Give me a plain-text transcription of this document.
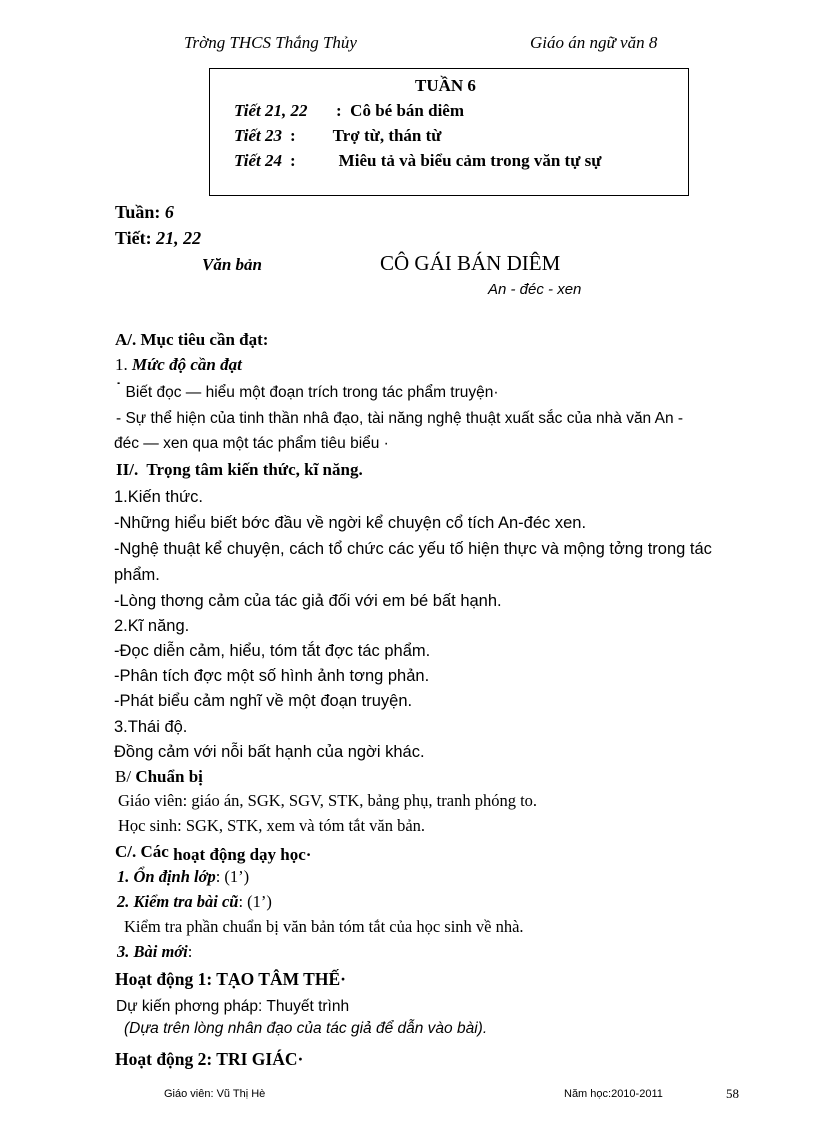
Trờng THCS Thắng Thủy	Giáo án ngữ văn 8
TUẦN 6
Tiết 21, 22 :  Cô bé bán diêm
Tiết 23 : Trợ từ, thán từ
Tiết 24 :	Miêu tả và biểu cảm trong văn tự sự
Tuần: 6
Tiết: 21, 22
Văn bản	CÔ GÁI BÁN DIÊM
An - đéc - xen
A/. Mục tiêu cần đạt:
1. Mức độ cần đạt
˙ Biết đọc — hiểu một đoạn trích trong tác phẩm truyện·
- Sự thể hiện của tinh thần nhâ đạo, tài năng nghệ thuật xuất sắc của nhà văn An -
đéc — xen qua một tác phẩm tiêu biểu ·
II/. Trọng tâm kiến thức, kĩ năng.
1.Kiến thức.
-Những hiểu biết bớc đầu về ngời kể chuyện cổ tích An-đéc xen.
-Nghệ thuật kể chuyện, cách tổ chức các yếu tố hiện thực và mộng tởng trong tác
phẩm.
-Lòng thơng cảm của tác giả đối với em bé bất hạnh.
2.Kĩ năng.
-Đọc diễn cảm, hiểu, tóm tắt đợc tác phẩm.
-Phân tích đợc một số hình ảnh tơng phản.
-Phát biểu cảm nghĩ về một đoạn truyện.
3.Thái độ.
Đồng cảm với nỗi bất hạnh của ngời khác.
B/ Chuẩn bị
Giáo viên: giáo án, SGK, SGV, STK, bảng phụ, tranh phóng to.
Học sinh: SGK, STK, xem và tóm tắt văn bản.
C/. Các hoạt động dạy học·
1. Ổn định lớp: (1’)
2. Kiểm tra bài cũ: (1’)
Kiểm tra phần chuẩn bị văn bản tóm tắt của học sinh về nhà.
3. Bài mới:
Hoạt động 1: TẠO TÂM THẾ·
Dự kiến phơng pháp: Thuyết trình
(Dựa trên lòng nhân đạo của tác giả để dẫn vào bài).
Hoạt động 2: TRI GIÁC·
Giáo viên: Vũ Thị Hè	Năm học:2010-2011	58
